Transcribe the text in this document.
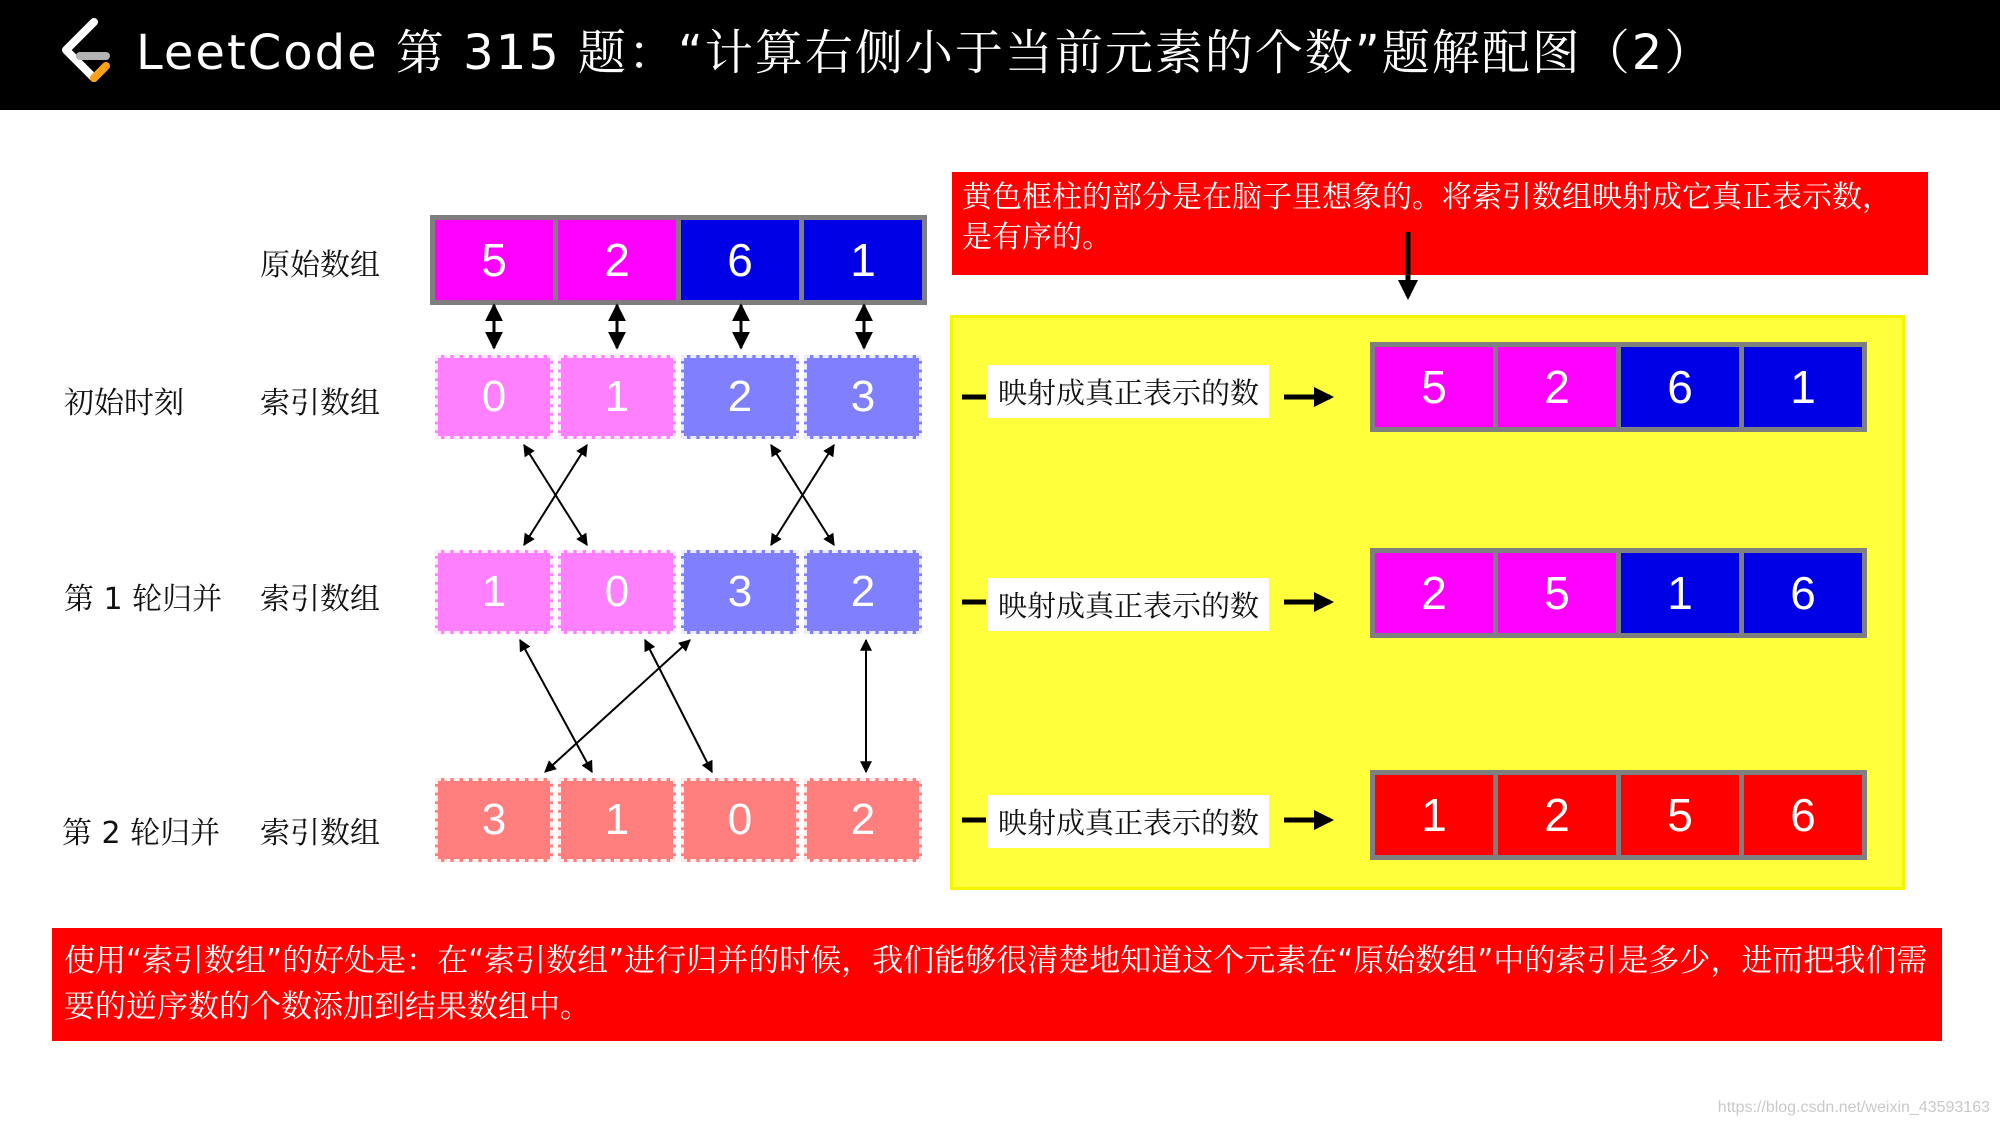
LeetCode 第 315 题：“计算右侧小于当前元素的个数”题解配图（2）
原始数组
初始时刻	索引数组
第 1 轮归并 索引数组
第 2 轮归并 索引数组
5	2	6	1
0	1	2	3
1	0	3	2
3	1	0	2
黄色框柱的部分是在脑子里想象的。将索引数组映射成它真正表示数，是有序的。
映射成真正表示的数
映射成真正表示的数
映射成真正表示的数
5	2	6	1
2	5	1	6
1	2	5	6
使用“索引数组”的好处是：在“索引数组”进行归并的时候，我们能够很清楚地知道这个元素在“原始数组”中的索引是多少，进而把我们需要的逆序数的个数添加到结果数组中。
https://blog.csdn.net/weixin_43593163
